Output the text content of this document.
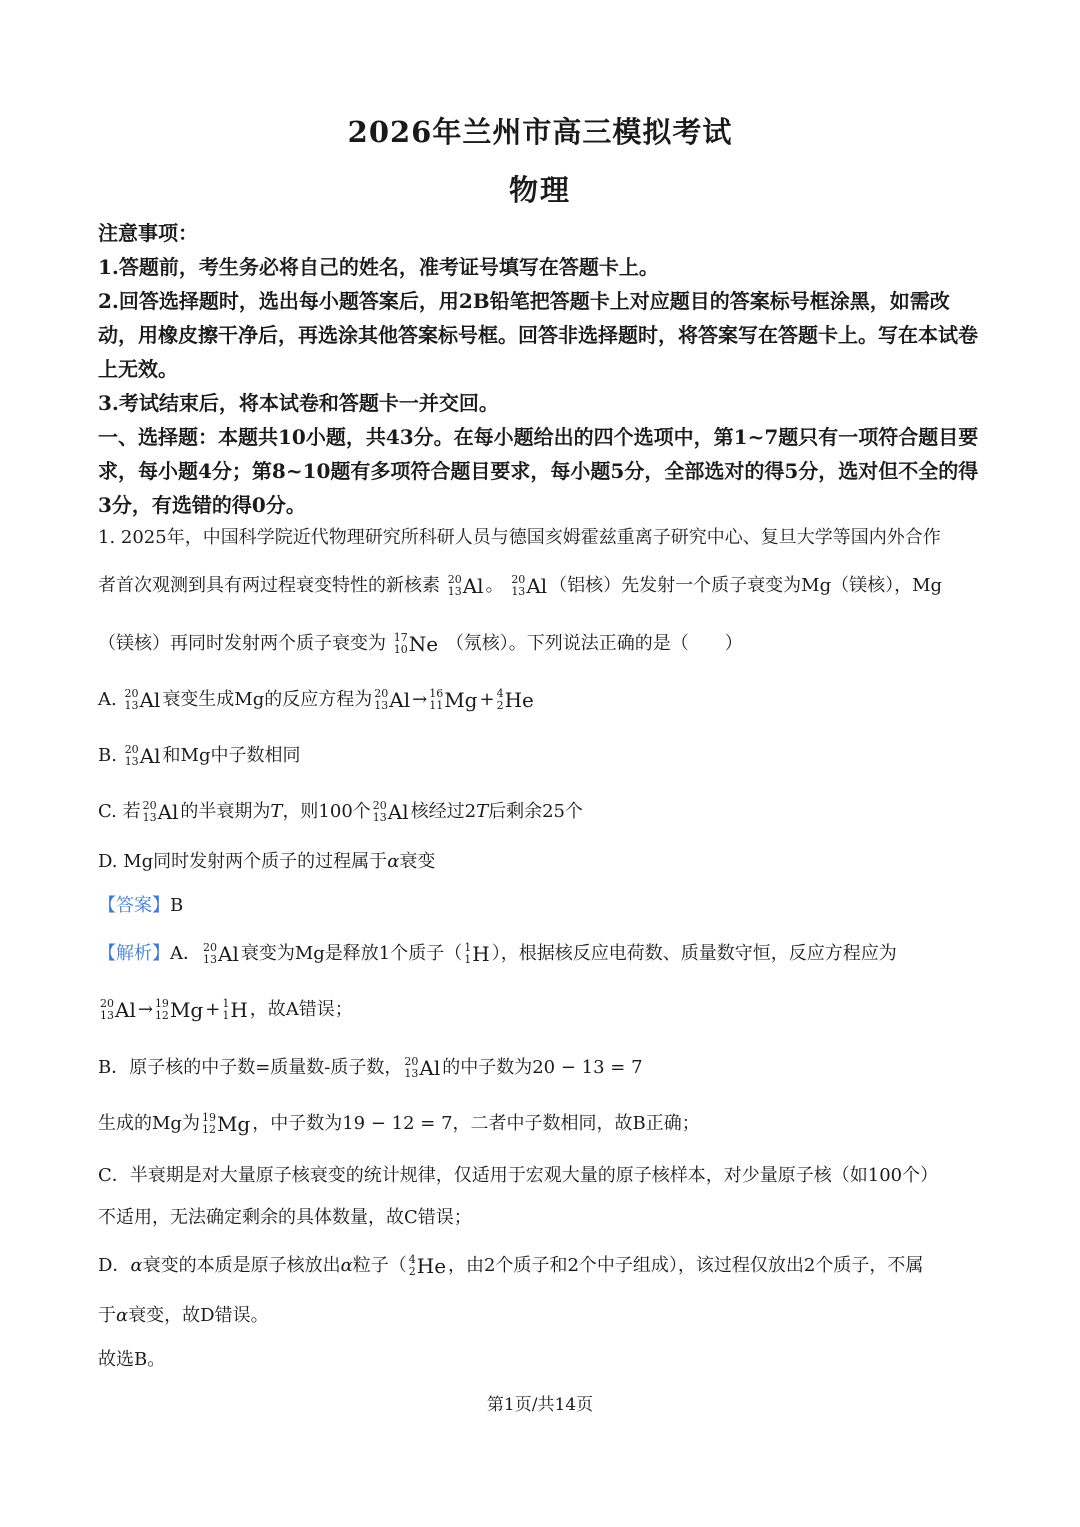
2026年兰州市高三模拟考试
物理
注意事项：
1.答题前，考生务必将自己的姓名，准考证号填写在答题卡上。
2.回答选择题时，选出每小题答案后，用2B铅笔把答题卡上对应题目的答案标号框涂黑，如需改动，用橡皮擦干净后，再选涂其他答案标号框。回答非选择题时，将答案写在答题卡上。写在本试卷上无效。
3.考试结束后，将本试卷和答题卡一并交回。
一、选择题：本题共10小题，共43分。在每小题给出的四个选项中，第1~7题只有一项符合题目要求，每小题4分；第8~10题有多项符合题目要求，每小题5分，全部选对的得5分，选对但不全的得3分，有选错的得0分。
1. 2025年，中国科学院近代物理研究所科研人员与德国亥姆霍兹重离子研究中心、复旦大学等国内外合作
者首次观测到具有两过程衰变特性的新核素 20
13 Al 。 20
13 Al （铝核）先发射一个质子衰变为Mg（镁核），Mg
（镁核）再同时发射两个质子衰变为 17
10 Ne （氖核）。下列说法正确的是（　　）
A. 20
13 Al 衰变生成Mg的反应方程为 20
13 Al → 16
11 Mg + 4
2 He
B. 20
13 Al 和Mg中子数相同
C. 若 20
13 Al 的半衰期为T，则100个 20
13 Al 核经过2T后剩余25个
D. Mg同时发射两个质子的过程属于α衰变
【答案】B
【解析】A． 20
13 Al 衰变为Mg是释放1个质子（ 1
1 H ），根据核反应电荷数、质量数守恒，反应方程应为
20
13 Al → 19
12 Mg + 1
1 H ，故A错误；
B．原子核的中子数=质量数-质子数， 20
13 Al 的中子数为20 − 13 = 7
生成的Mg为 19
12 Mg ，中子数为19 − 12 = 7，二者中子数相同，故B正确；
C．半衰期是对大量原子核衰变的统计规律，仅适用于宏观大量的原子核样本，对少量原子核（如100个）
不适用，无法确定剩余的具体数量，故C错误；
D．α衰变的本质是原子核放出α粒子（ 4
2 He ，由2个质子和2个中子组成），该过程仅放出2个质子，不属
于α衰变，故D错误。
故选B。
第1页/共14页
